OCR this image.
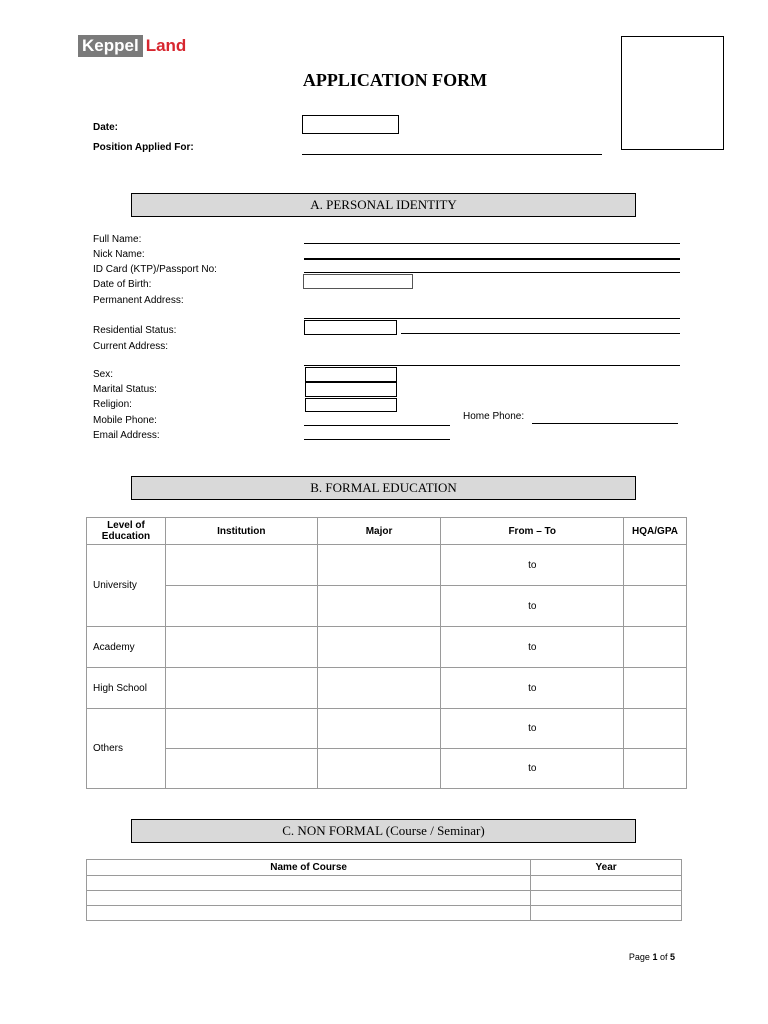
Keppel Land
APPLICATION FORM
Date:
Position Applied For:
A. PERSONAL IDENTITY
Full Name:
Nick Name:
ID Card (KTP)/Passport No:
Date of Birth:
Permanent Address:
Residential Status:
Current Address:
Sex:
Marital Status:
Religion:
Mobile Phone:	Home Phone:
Email Address:
B. FORMAL EDUCATION
Level of Education	Institution	Major	From – To	HQA/GPA
University			to	
			to	
Academy			to	
High School			to	
Others			to	
			to	
C. NON FORMAL (Course / Seminar)
Name of Course	Year

Page 1 of 5
